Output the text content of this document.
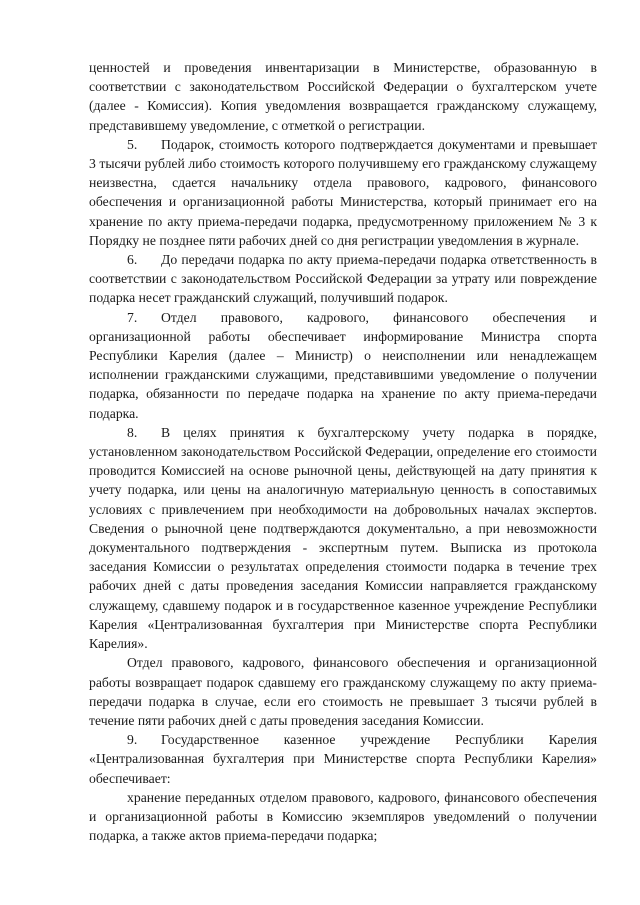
ценностей и проведения инвентаризации в Министерстве, образованную в соответствии с законодательством Российской Федерации о бухгалтерском учете (далее - Комиссия). Копия уведомления возвращается гражданскому служащему, представившему уведомление, с отметкой о регистрации.

5. Подарок, стоимость которого подтверждается документами и превышает 3 тысячи рублей либо стоимость которого получившему его гражданскому служащему неизвестна, сдается начальнику отдела правового, кадрового, финансового обеспечения и организационной работы Министерства, который принимает его на хранение по акту приема-передачи подарка, предусмотренному приложением № 3 к Порядку не позднее пяти рабочих дней со дня регистрации уведомления в журнале.

6. До передачи подарка по акту приема-передачи подарка ответственность в соответствии с законодательством Российской Федерации за утрату или повреждение подарка несет гражданский служащий, получивший подарок.

7. Отдел правового, кадрового, финансового обеспечения и организационной работы обеспечивает информирование Министра спорта Республики Карелия (далее – Министр) о неисполнении или ненадлежащем исполнении гражданскими служащими, представившими уведомление о получении подарка, обязанности по передаче подарка на хранение по акту приема-передачи подарка.

8. В целях принятия к бухгалтерскому учету подарка в порядке, установленном законодательством Российской Федерации, определение его стоимости проводится Комиссией на основе рыночной цены, действующей на дату принятия к учету подарка, или цены на аналогичную материальную ценность в сопоставимых условиях с привлечением при необходимости на добровольных началах экспертов. Сведения о рыночной цене подтверждаются документально, а при невозможности документального подтверждения - экспертным путем. Выписка из протокола заседания Комиссии о результатах определения стоимости подарка в течение трех рабочих дней с даты проведения заседания Комиссии направляется гражданскому служащему, сдавшему подарок и в государственное казенное учреждение Республики Карелия «Централизованная бухгалтерия при Министерстве спорта Республики Карелия».

Отдел правового, кадрового, финансового обеспечения и организационной работы возвращает подарок сдавшему его гражданскому служащему по акту приема-передачи подарка в случае, если его стоимость не превышает 3 тысячи рублей в течение пяти рабочих дней с даты проведения заседания Комиссии.

9. Государственное казенное учреждение Республики Карелия «Централизованная бухгалтерия при Министерстве спорта Республики Карелия» обеспечивает:

хранение переданных отделом правового, кадрового, финансового обеспечения и организационной работы в Комиссию экземпляров уведомлений о получении подарка, а также актов приема-передачи подарка;
